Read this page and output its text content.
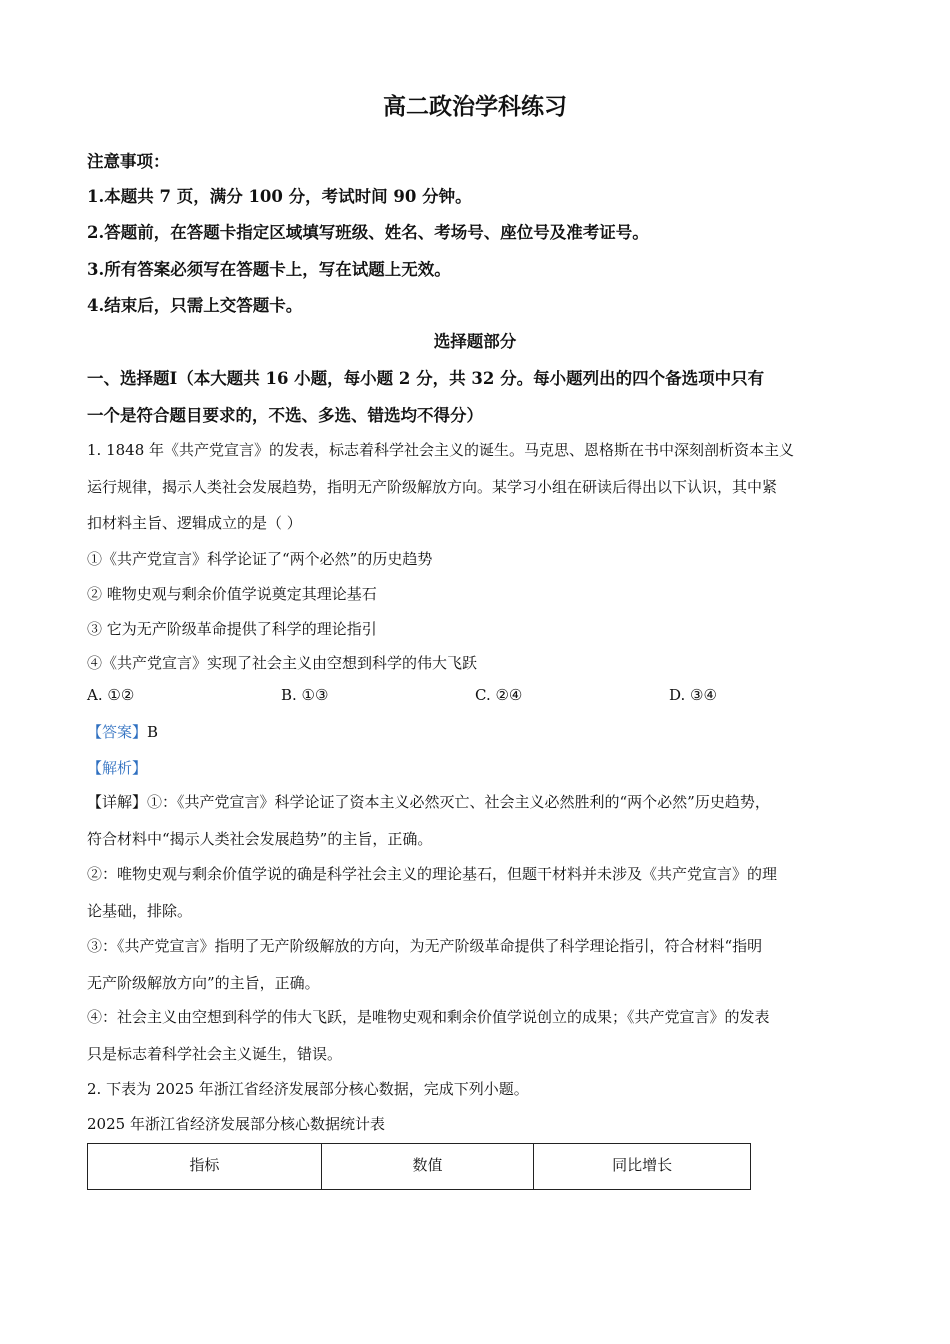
高二政治学科练习
注意事项：
1.本题共 7 页，满分 100 分，考试时间 90 分钟。
2.答题前，在答题卡指定区域填写班级、姓名、考场号、座位号及准考证号。
3.所有答案必须写在答题卡上，写在试题上无效。
4.结束后，只需上交答题卡。
选择题部分
一、选择题Ⅰ（本大题共 16 小题，每小题 2 分，共 32 分。每小题列出的四个备选项中只有
一个是符合题目要求的，不选、多选、错选均不得分）
1. 1848 年《共产党宣言》的发表，标志着科学社会主义的诞生。马克思、恩格斯在书中深刻剖析资本主义
运行规律，揭示人类社会发展趋势，指明无产阶级解放方向。某学习小组在研读后得出以下认识，其中紧
扣材料主旨、逻辑成立的是（ ）
①《共产党宣言》科学论证了“两个必然”的历史趋势
② 唯物史观与剩余价值学说奠定其理论基石
③ 它为无产阶级革命提供了科学的理论指引
④《共产党宣言》实现了社会主义由空想到科学的伟大飞跃
A. ①②	B. ①③	C. ②④	D. ③④
【答案】B
【解析】
【详解】①：《共产党宣言》科学论证了资本主义必然灭亡、社会主义必然胜利的“两个必然”历史趋势，
符合材料中“揭示人类社会发展趋势”的主旨，正确。
②：唯物史观与剩余价值学说的确是科学社会主义的理论基石，但题干材料并未涉及《共产党宣言》的理
论基础，排除。
③：《共产党宣言》指明了无产阶级解放的方向，为无产阶级革命提供了科学理论指引，符合材料“指明
无产阶级解放方向”的主旨，正确。
④：社会主义由空想到科学的伟大飞跃，是唯物史观和剩余价值学说创立的成果；《共产党宣言》的发表
只是标志着科学社会主义诞生，错误。
2. 下表为 2025 年浙江省经济发展部分核心数据，完成下列小题。
2025 年浙江省经济发展部分核心数据统计表
指标	数值	同比增长
